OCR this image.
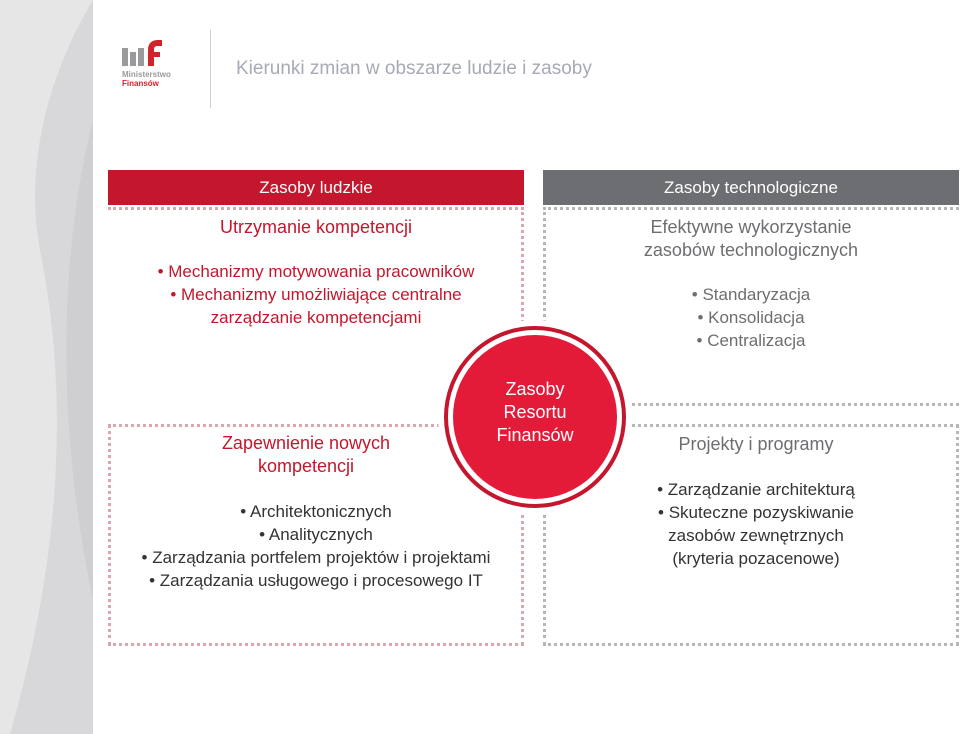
Ministerstwo
Finansów
Kierunki zmian w obszarze ludzie i zasoby
Zasoby ludzkie
Utrzymanie kompetencji
• Mechanizmy motywowania pracowników
• Mechanizmy umożliwiające centralne
zarządzanie kompetencjami
Zasoby technologiczne
Efektywne wykorzystanie
zasobów technologicznych
• Standaryzacja
• Konsolidacja
• Centralizacja
Zapewnienie nowych
kompetencji
• Architektonicznych
• Analitycznych
• Zarządzania portfelem projektów i projektami
• Zarządzania usługowego i procesowego IT
Projekty i programy
• Zarządzanie architekturą
• Skuteczne pozyskiwanie
zasobów zewnętrznych
(kryteria pozacenowe)
Zasoby
Resortu
Finansów
